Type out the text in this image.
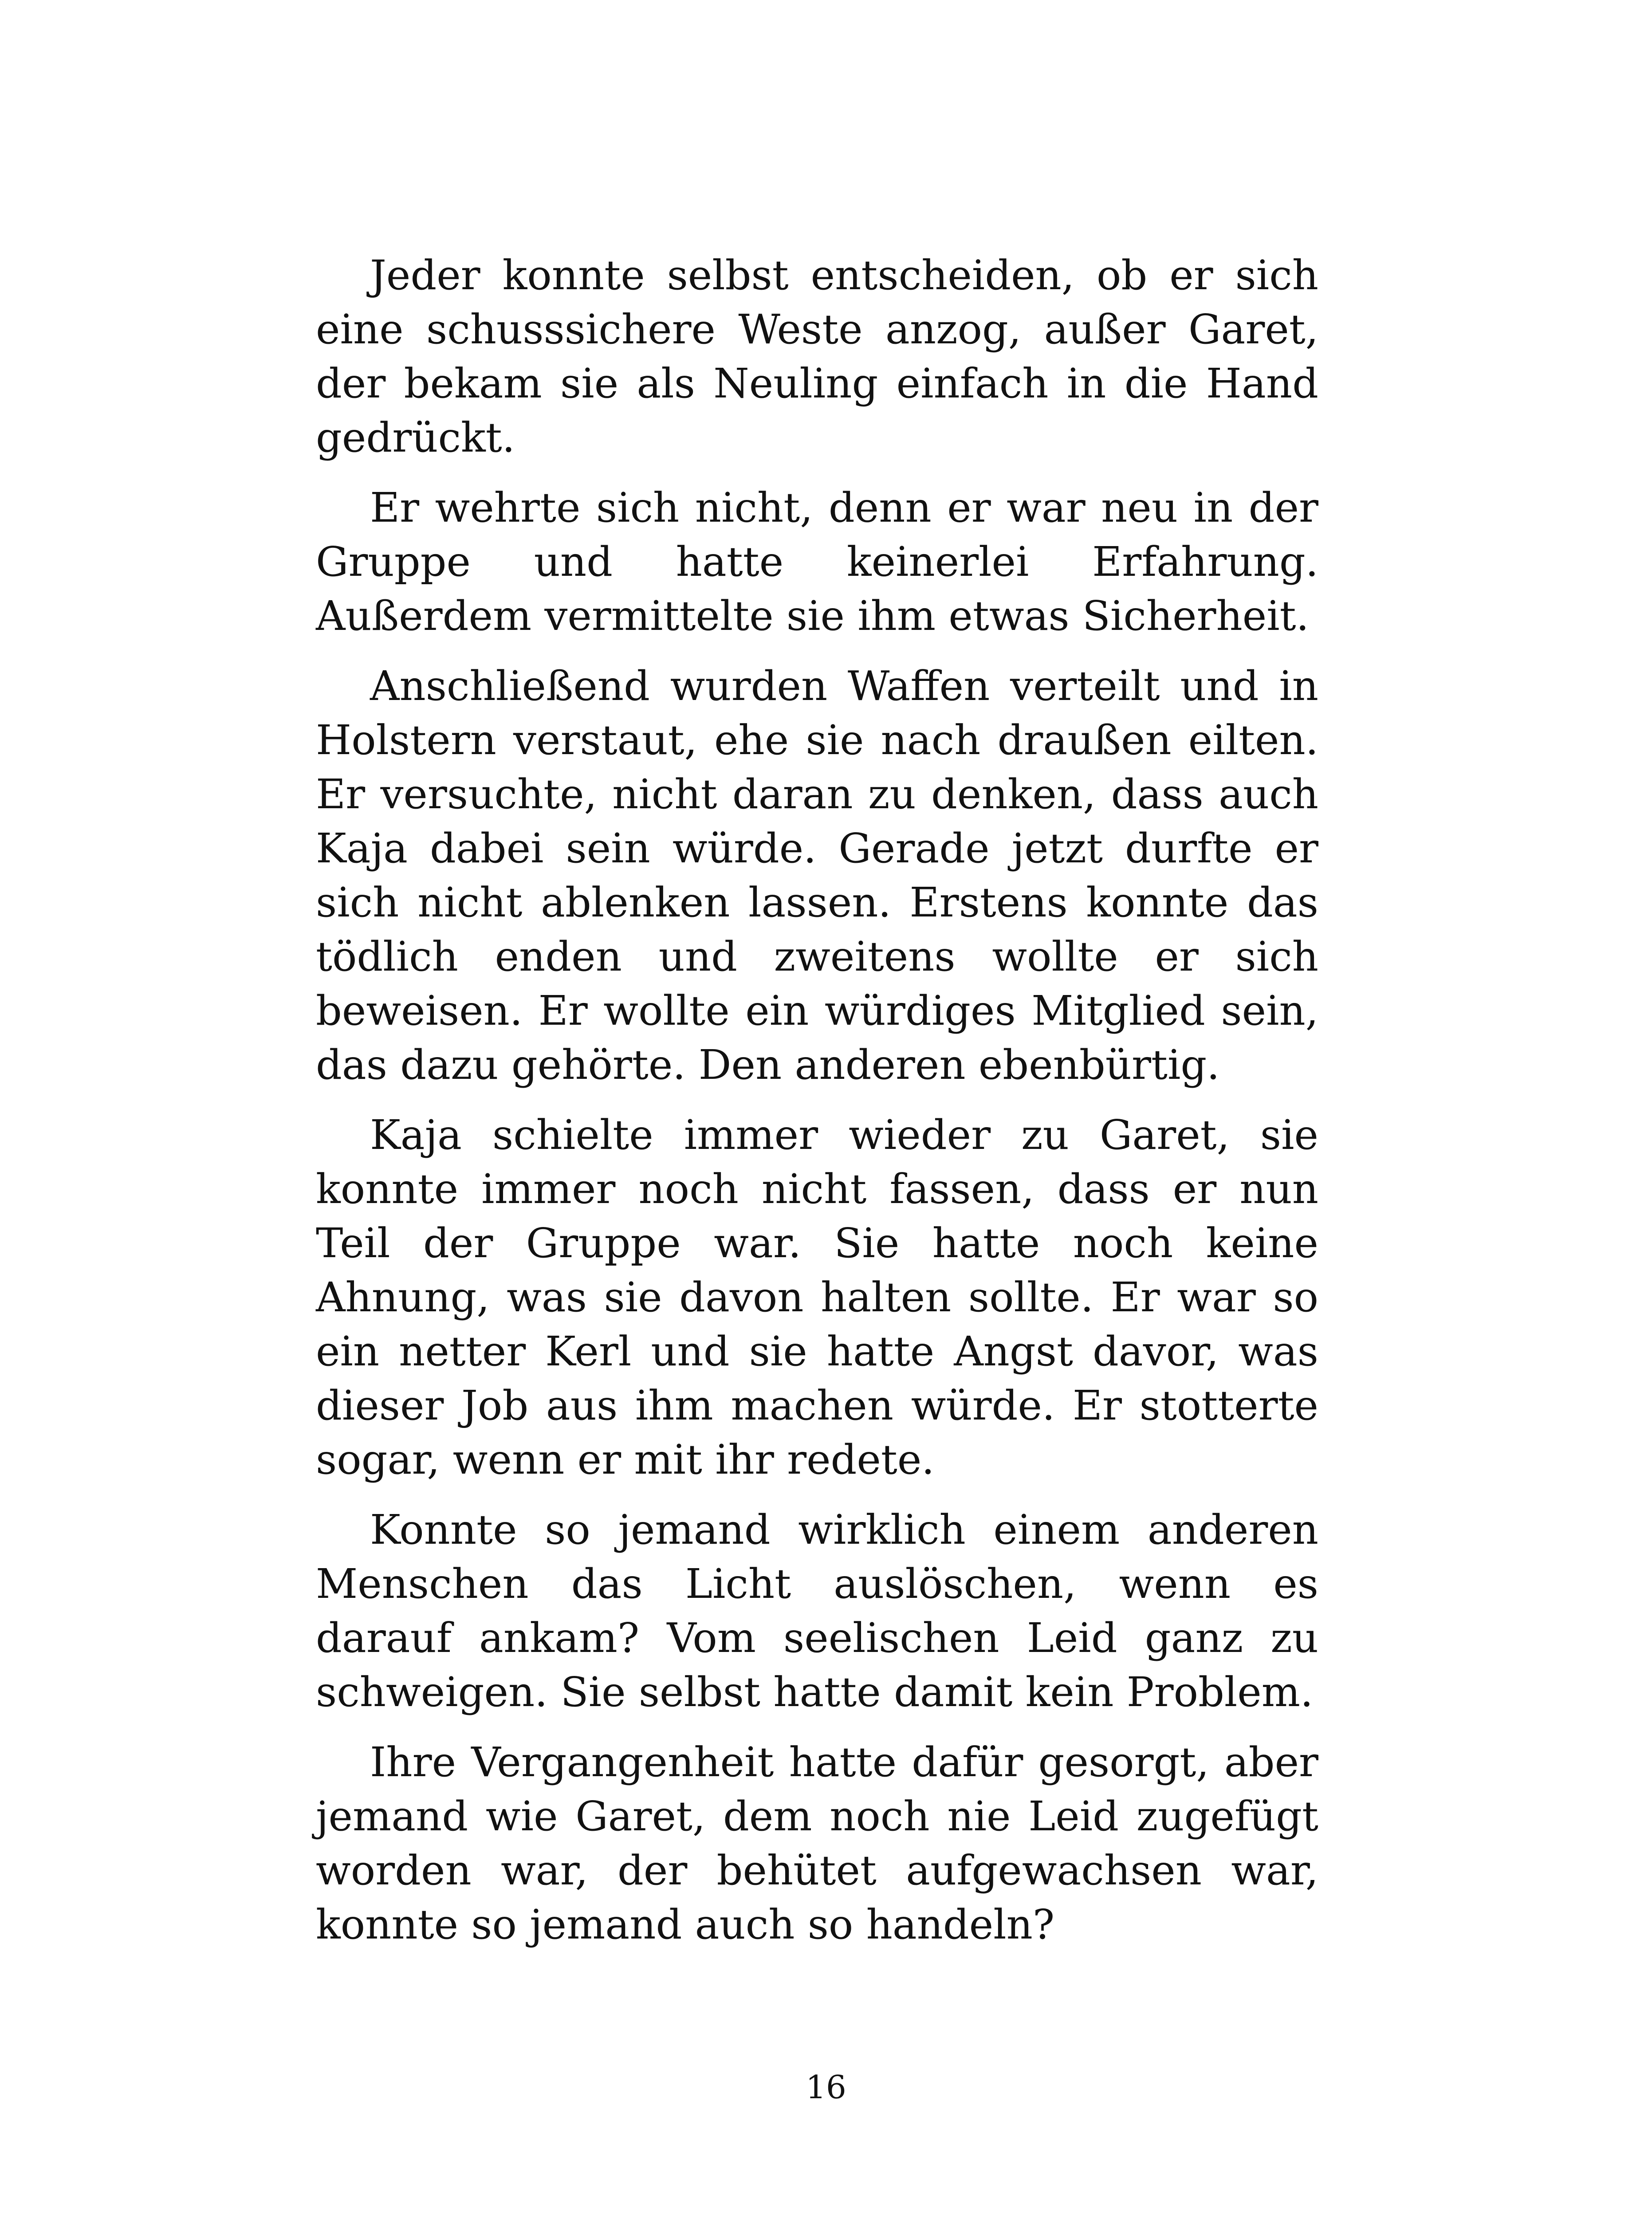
Jeder konnte selbst entscheiden, ob er sich eine schusssichere Weste anzog, außer Garet, der bekam sie als Neuling einfach in die Hand gedrückt.

Er wehrte sich nicht, denn er war neu in der Gruppe und hatte keinerlei Erfahrung. Außerdem vermittelte sie ihm etwas Sicherheit.

Anschließend wurden Waffen verteilt und in Holstern verstaut, ehe sie nach draußen eilten. Er versuchte, nicht daran zu denken, dass auch Kaja dabei sein würde. Gerade jetzt durfte er sich nicht ablenken lassen. Erstens konnte das tödlich enden und zweitens wollte er sich beweisen. Er wollte ein würdiges Mitglied sein, das dazu gehörte. Den anderen ebenbürtig.

Kaja schielte immer wieder zu Garet, sie konnte immer noch nicht fassen, dass er nun Teil der Gruppe war. Sie hatte noch keine Ahnung, was sie davon halten sollte. Er war so ein netter Kerl und sie hatte Angst davor, was dieser Job aus ihm machen würde. Er stotterte sogar, wenn er mit ihr redete.

Konnte so jemand wirklich einem anderen Menschen das Licht auslöschen, wenn es darauf ankam? Vom seelischen Leid ganz zu schweigen. Sie selbst hatte damit kein Problem.

Ihre Vergangenheit hatte dafür gesorgt, aber jemand wie Garet, dem noch nie Leid zugefügt worden war, der behütet aufgewachsen war, konnte so jemand auch so handeln?

16
